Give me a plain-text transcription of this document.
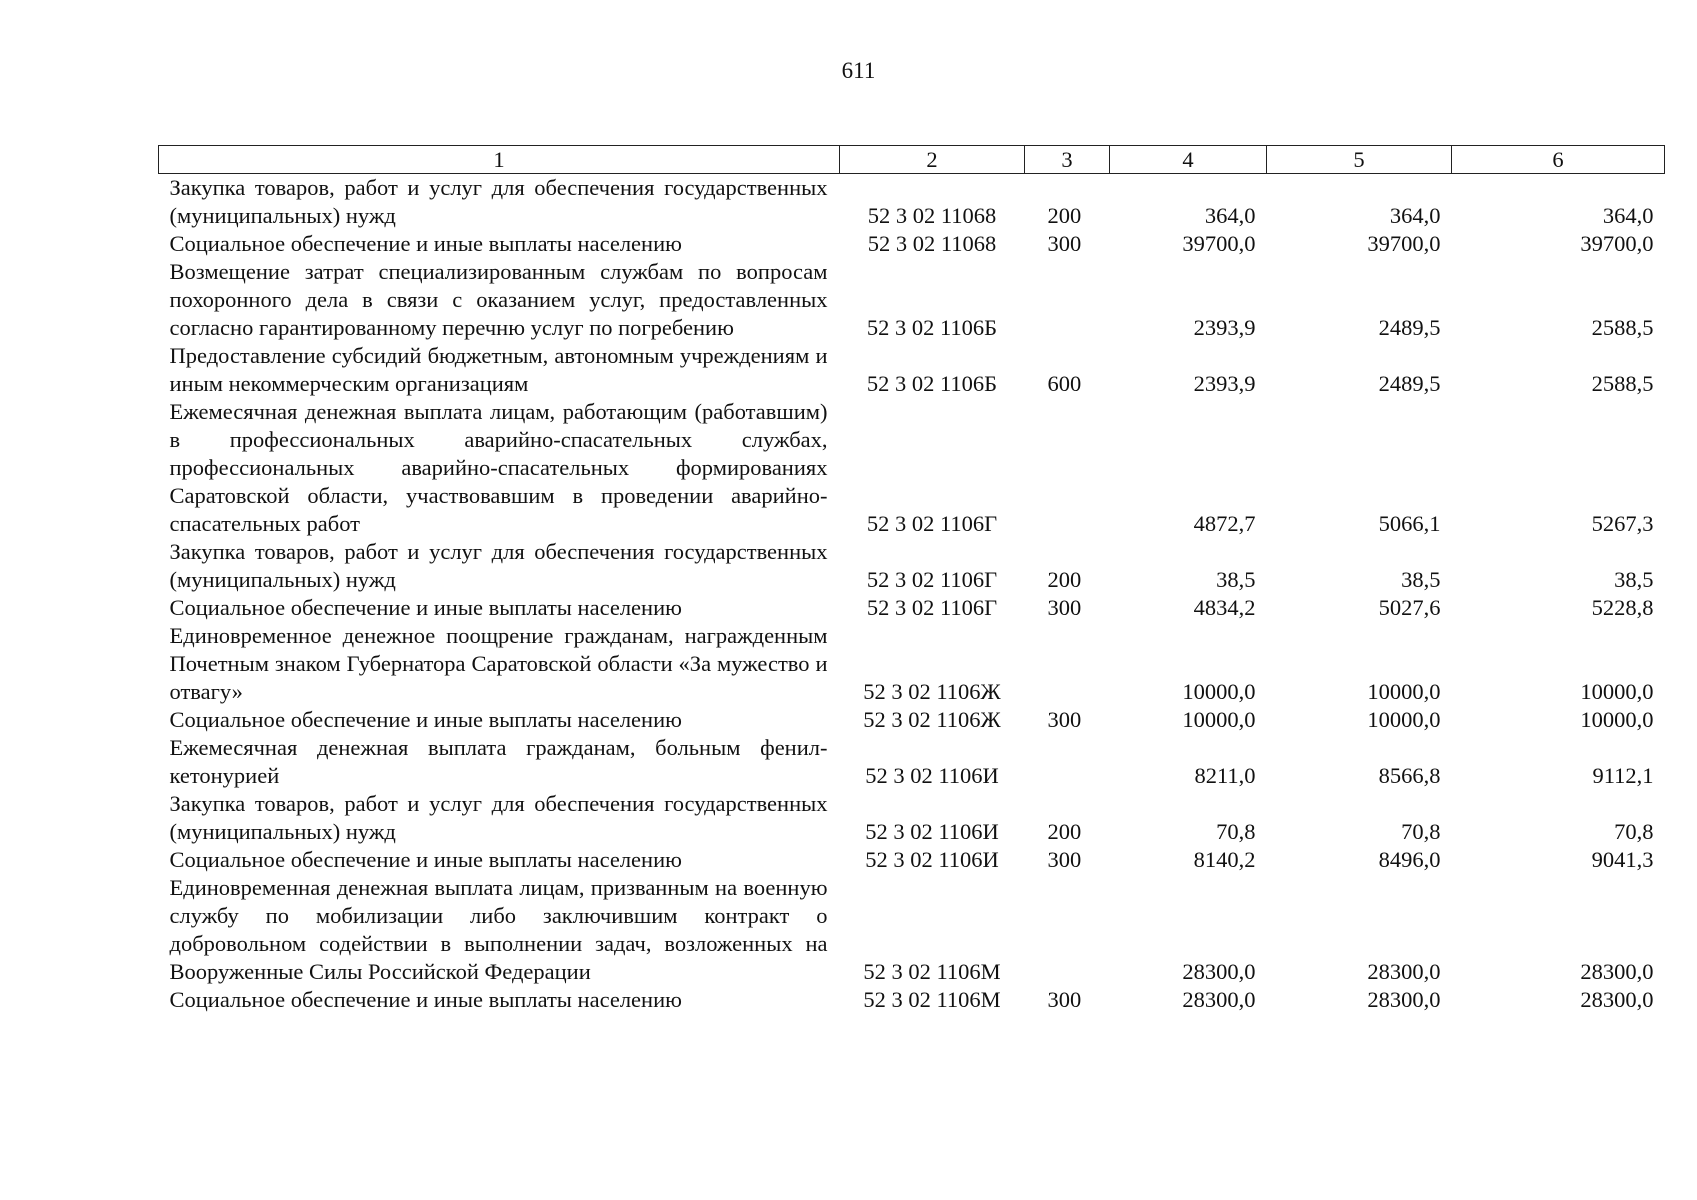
611
1	2	3	4	5	6
Закупка товаров, работ и услуг для обеспечения государственных (муниципальных) нужд	52 3 02 11068	200	364,0	364,0	364,0
Социальное обеспечение и иные выплаты населению	52 3 02 11068	300	39700,0	39700,0	39700,0
Возмещение затрат специализированным службам по вопросам похоронного дела в связи с оказанием услуг, предоставленных согласно гарантированному перечню услуг по погребению	52 3 02 1106Б		2393,9	2489,5	2588,5
Предоставление субсидий бюджетным, автономным учреждениям и иным некоммерческим организациям	52 3 02 1106Б	600	2393,9	2489,5	2588,5
Ежемесячная денежная выплата лицам, работающим (работавшим) в профессиональных аварийно-спасательных службах, профессиональных аварийно-спасательных формированиях Саратовской области, участвовавшим в проведении аварийно-спасательных работ	52 3 02 1106Г		4872,7	5066,1	5267,3
Закупка товаров, работ и услуг для обеспечения государственных (муниципальных) нужд	52 3 02 1106Г	200	38,5	38,5	38,5
Социальное обеспечение и иные выплаты населению	52 3 02 1106Г	300	4834,2	5027,6	5228,8
Единовременное денежное поощрение гражданам, награжденным Почетным знаком Губернатора Саратовской области «За мужество и отвагу»	52 3 02 1106Ж		10000,0	10000,0	10000,0
Социальное обеспечение и иные выплаты населению	52 3 02 1106Ж	300	10000,0	10000,0	10000,0
Ежемесячная денежная выплата гражданам, больным фенилкетонурией	52 3 02 1106И		8211,0	8566,8	9112,1
Закупка товаров, работ и услуг для обеспечения государственных (муниципальных) нужд	52 3 02 1106И	200	70,8	70,8	70,8
Социальное обеспечение и иные выплаты населению	52 3 02 1106И	300	8140,2	8496,0	9041,3
Единовременная денежная выплата лицам, призванным на военную службу по мобилизации либо заключившим контракт о добровольном содействии в выполнении задач, возложенных на Вооруженные Силы Российской Федерации	52 3 02 1106М		28300,0	28300,0	28300,0
Социальное обеспечение и иные выплаты населению	52 3 02 1106М	300	28300,0	28300,0	28300,0
